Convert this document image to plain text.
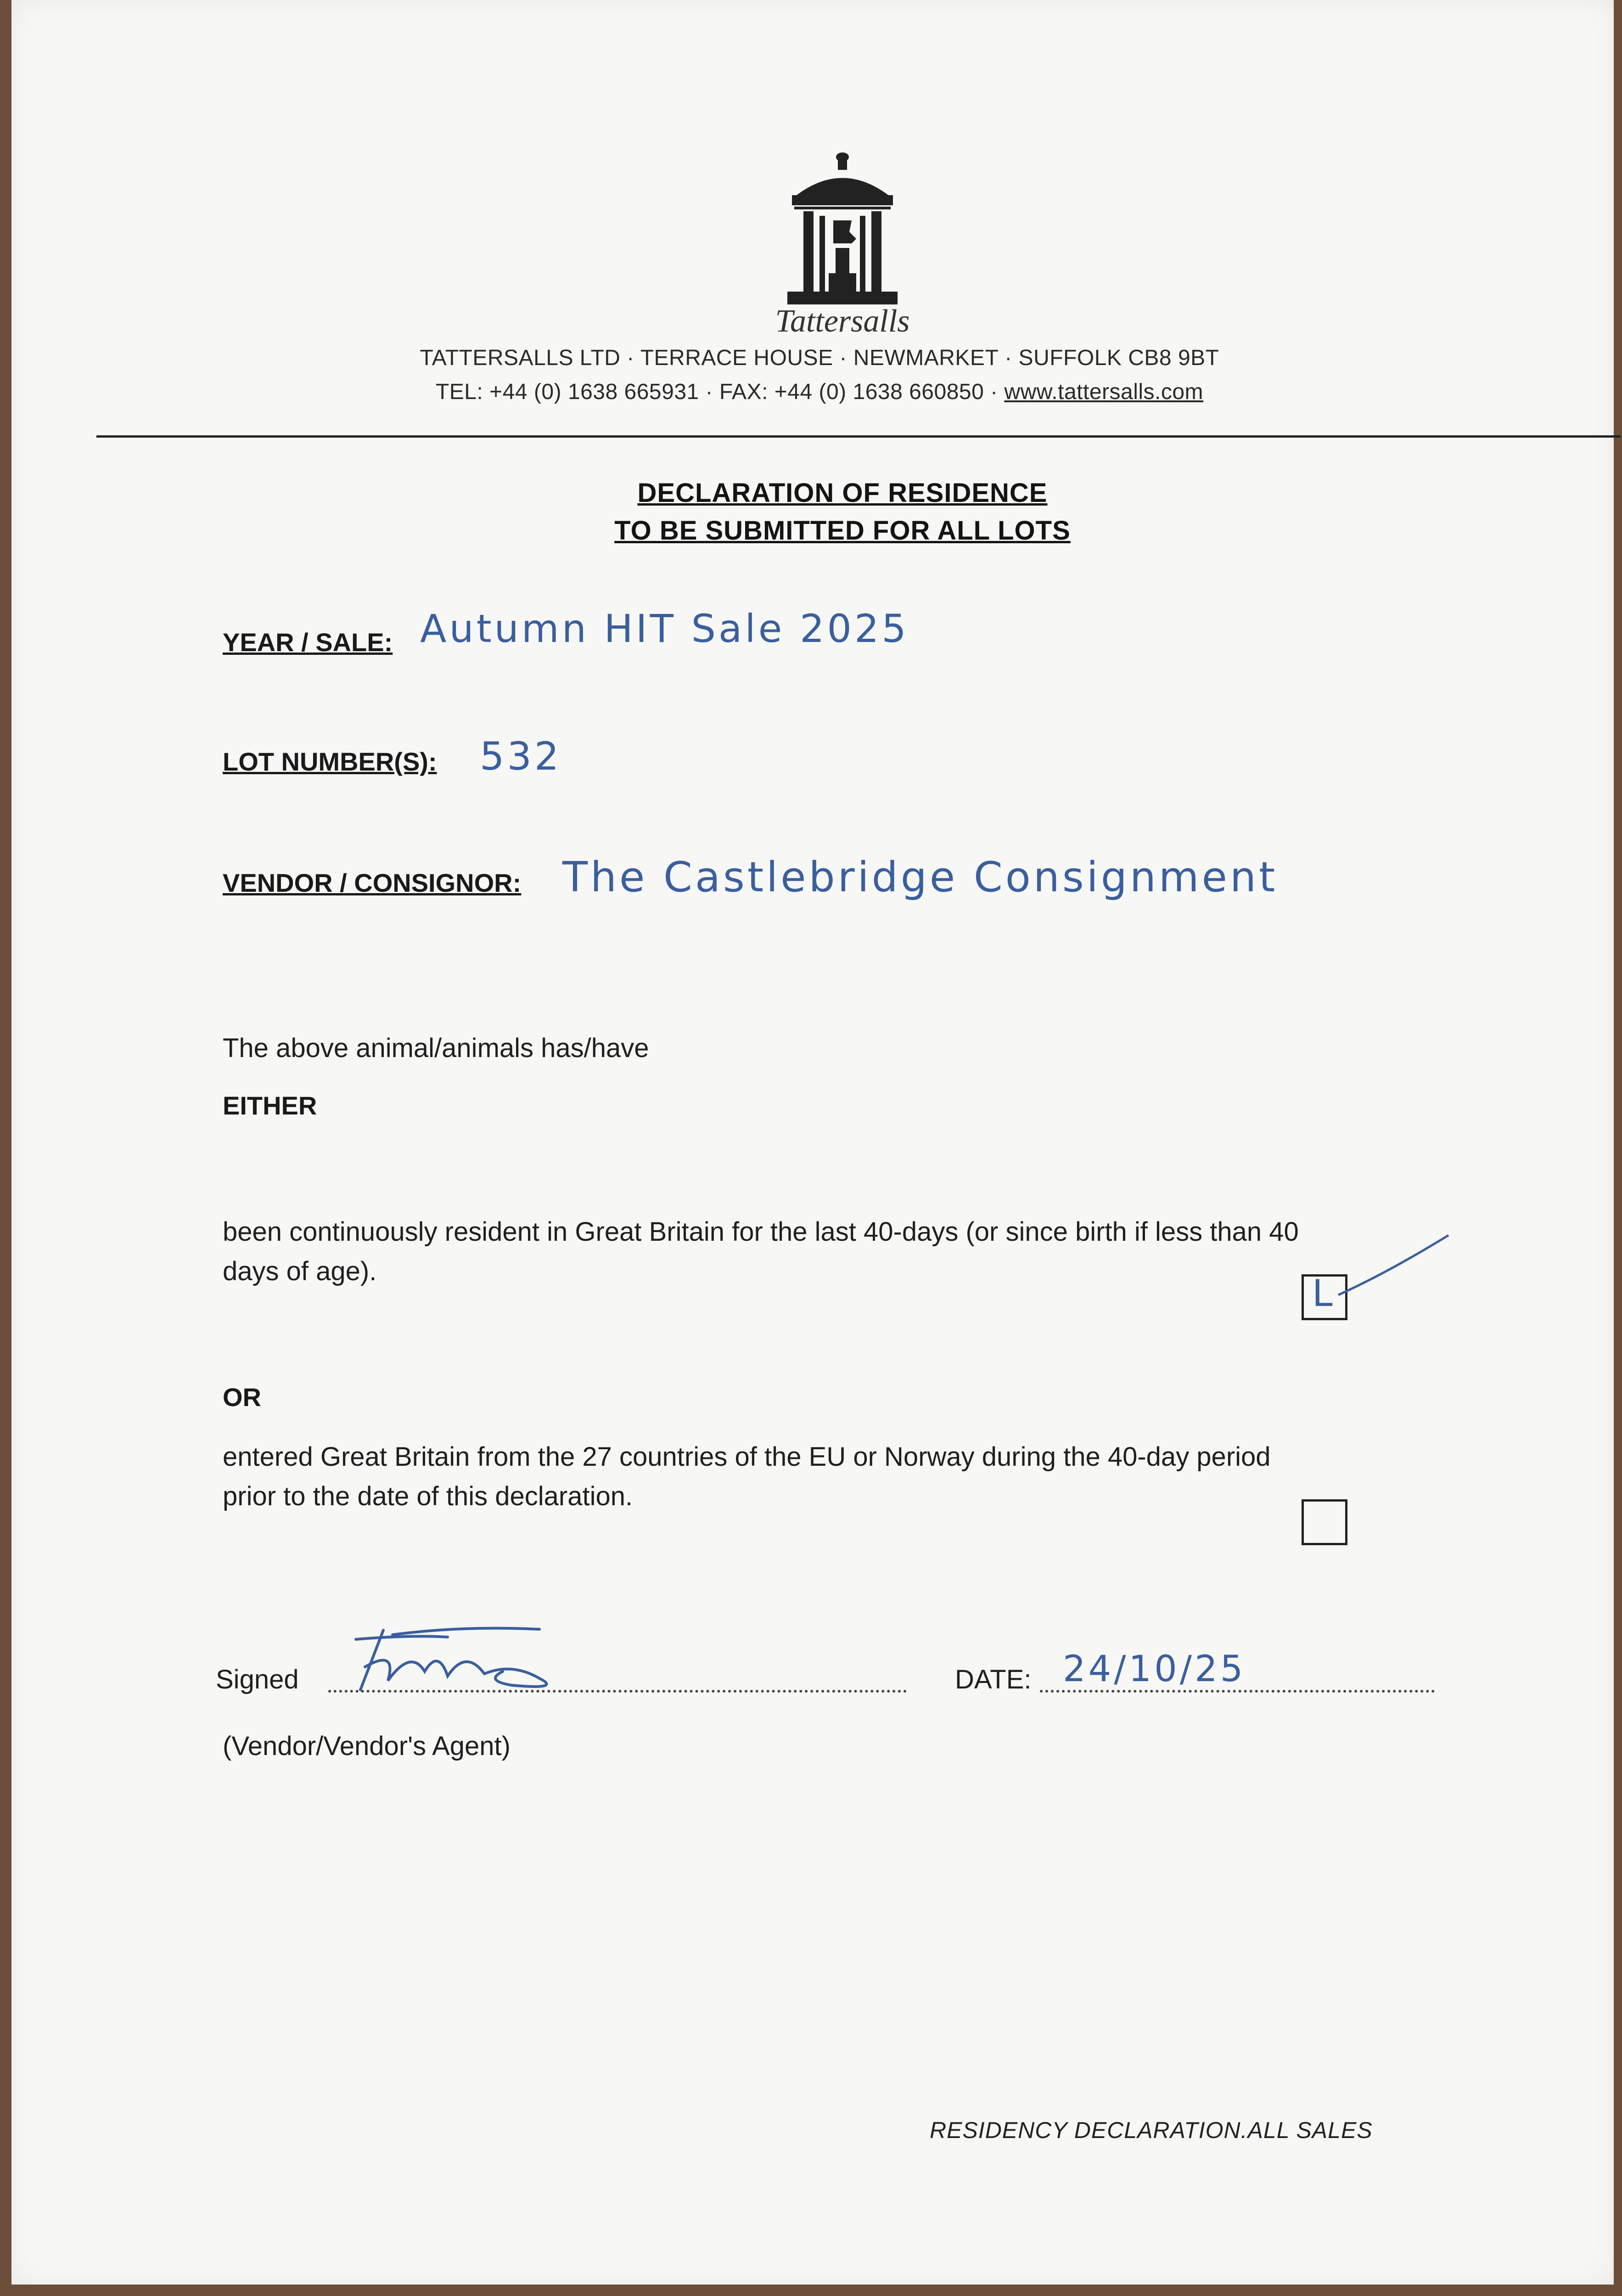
Tattersalls
TATTERSALLS LTD · TERRACE HOUSE · NEWMARKET · SUFFOLK CB8 9BT
TEL: +44 (0) 1638 665931 · FAX: +44 (0) 1638 660850 · www.tattersalls.com
DECLARATION OF RESIDENCE
TO BE SUBMITTED FOR ALL LOTS
YEAR / SALE: Autumn HIT Sale 2025
LOT NUMBER(S): 532
VENDOR / CONSIGNOR: The Castlebridge Consignment
The above animal/animals has/have
EITHER
been continuously resident in Great Britain for the last 40-days (or since birth if less than 40
days of age).
L
OR
entered Great Britain from the 27 countries of the EU or Norway during the 40-day period
prior to the date of this declaration.
Signed	DATE: 24/10/25
(Vendor/Vendor's Agent)
RESIDENCY DECLARATION.ALL SALES
